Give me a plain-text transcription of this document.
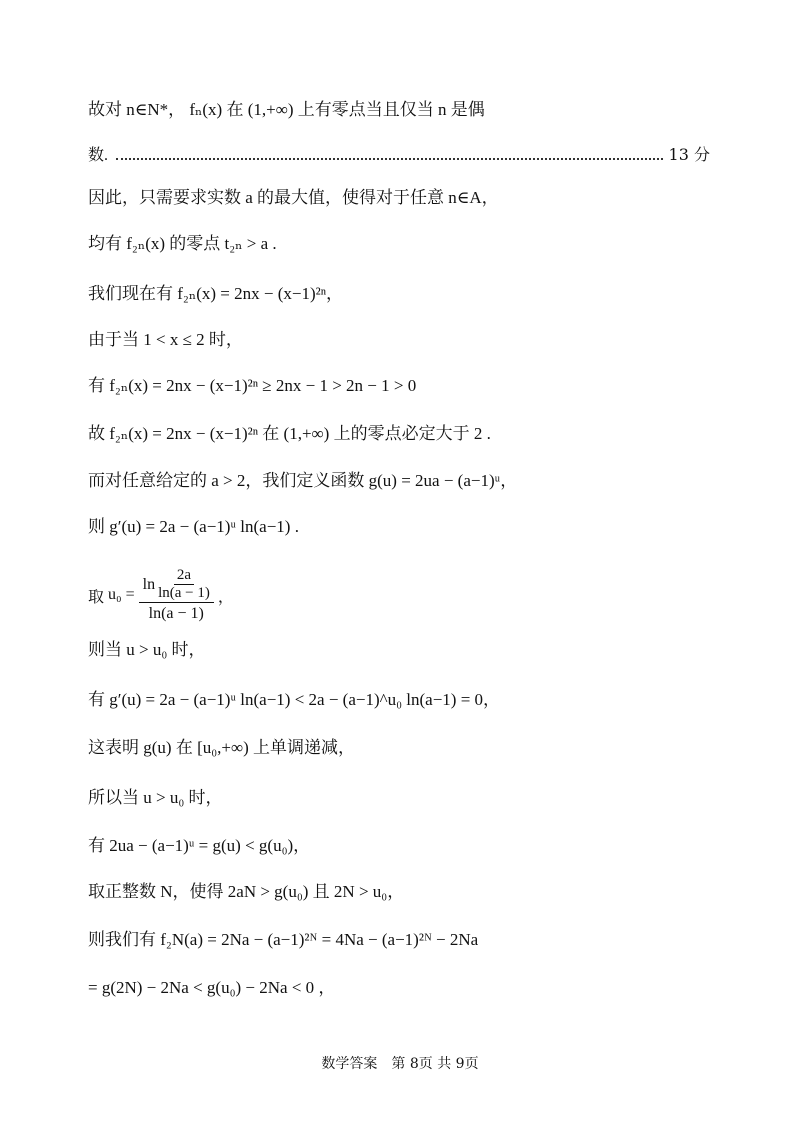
故对 n∈N*， fₙ(x) 在 (1,+∞) 上有零点当且仅当 n 是偶
数.	13 分
因此，只需要求实数 a 的最大值，使得对于任意 n∈A，
均有 f₂ₙ(x) 的零点 t₂ₙ > a .
我们现在有 f₂ₙ(x) = 2nx − (x−1)²ⁿ，
由于当 1 < x ≤ 2 时，
有 f₂ₙ(x) = 2nx − (x−1)²ⁿ ≥ 2nx − 1 > 2n − 1 > 0
故 f₂ₙ(x) = 2nx − (x−1)²ⁿ 在 (1,+∞) 上的零点必定大于 2 .
而对任意给定的 a > 2，我们定义函数 g(u) = 2ua − (a−1)ᵘ，
则 g′(u) = 2a − (a−1)ᵘ ln(a−1) .
取 $u_0 = \frac{\ln \frac{2a}{\ln(a - 1)}}{\ln(a - 1)}$ ，
则当 u > u₀ 时，
有 g′(u) = 2a − (a−1)ᵘ ln(a−1) < 2a − (a−1)^u₀ ln(a−1) = 0，
这表明 g(u) 在 [u₀,+∞) 上单调递减，
所以当 u > u₀ 时，
有 2ua − (a−1)ᵘ = g(u) < g(u₀)，
取正整数 N，使得 2aN > g(u₀) 且 2N > u₀，
则我们有 f₂N(a) = 2Na − (a−1)²ᴺ = 4Na − (a−1)²ᴺ − 2Na
= g(2N) − 2Na < g(u₀) − 2Na < 0 ，
数学答案　第 8页 共 9页
